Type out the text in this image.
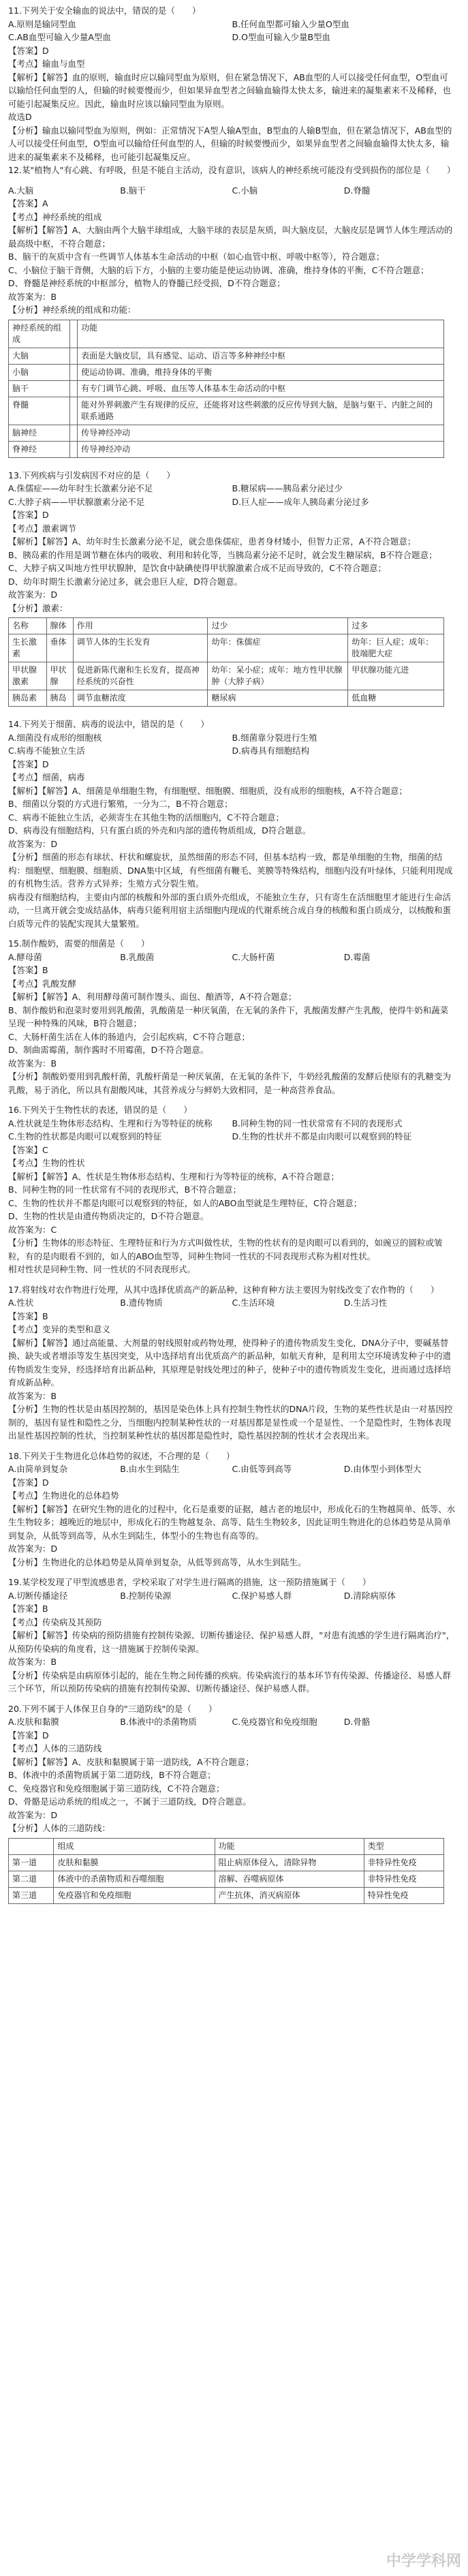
11.下列关于安全输血的说法中，错误的是（　　）
A.原则是输同型血	B.任何血型都可输入少量O型血
C.AB血型可输入少量A型血	D.O型血可输入少量B型血
【答案】D
【考点】输血与血型
【解析】【解答】血的原则，输血时应以输同型血为原则，但在紧急情况下，AB血型的人可以接受任何血型，O型血可以输给任何血型的人，但输的时候要慢而少，但如果异血型者之间输血输得太快太多，输进来的凝集素来不及稀释，也可能引起凝集反应。因此，输血时应该以输同型血为原则。
故选D
【分析】输血以输同型血为原则，例如：正常情况下A型人输A型血，B型血的人输B型血，但在紧急情况下，AB血型的人可以接受任何血型，O型血可以输给任何血型的人，但输的时候要慢而少，如果异血型者之间输血输得太快太多，输进来的凝集素来不及稀释，也可能引起凝集反应。
12.某"植物人"有心跳、有呼吸，但是不能自主活动，没有意识，该病人的神经系统可能没有受到损伤的部位是（　　）
A.大脑	B.脑干	C.小脑	D.脊髓
【答案】A
【考点】神经系统的组成
【解析】【解答】A、大脑由两个大脑半球组成，大脑半球的表层是灰质，叫大脑皮层，大脑皮层是调节人体生理活动的最高级中枢，不符合题意；
B、脑干的灰质中含有一些调节人体基本生命活动的中枢（如心血管中枢、呼吸中枢等），符合题意；
C、小脑位于脑干背侧，大脑的后下方，小脑的主要功能是使运动协调、准确，维持身体的平衡，C不符合题意；
D、脊髓是神经系统的中枢部分，植物人的脊髓已经受损，D不符合题意；
故答案为：B
【分析】神经系统的组成和功能：
神经系统的组成		功能
大脑		表面是大脑皮层，具有感觉、运动、语言等多种神经中枢
小脑		使运动协调、准确，维持身体的平衡
脑干		有专门调节心跳、呼吸、血压等人体基本生命活动的中枢
脊髓		能对外界刺激产生有规律的反应，还能将对这些刺激的反应传导到大脑，是脑与躯干、内脏之间的联系通路
脑神经		传导神经冲动
脊神经		传导神经冲动
13.下列疾病与引发病因不对应的是（　　）
A.侏儒症——幼年时生长激素分泌不足	B.糖尿病——胰岛素分泌过少
C.大脖子病——甲状腺激素分泌不足	D.巨人症——成年人胰岛素分泌过多
【答案】D
【考点】激素调节
【解析】【解答】A、幼年时生长激素分泌不足，就会患侏儒症，患者身材矮小，但智力正常，A不符合题意；
B、胰岛素的作用是调节糖在体内的吸收、利用和转化等，当胰岛素分泌不足时，就会发生糖尿病，B不符合题意；
C、大脖子病又叫地方性甲状腺肿，是饮食中缺碘使得甲状腺激素合成不足而导致的，C不符合题意；
D、幼年时期生长激素分泌过多，就会患巨人症，D符合题意。
故答案为：D
【分析】激素：
名称	腺体	作用	过少	过多
生长激素	垂体	调节人体的生长发育	幼年：侏儒症	幼年：巨人症；成年：肢端肥大症
甲状腺激素	甲状腺	促进新陈代谢和生长发育，提高神经系统的兴奋性	幼年：呆小症；成年：地方性甲状腺肿（大脖子病）	甲状腺功能亢进
胰岛素	胰岛	调节血糖浓度	糖尿病	低血糖
14.下列关于细菌、病毒的说法中，错误的是（　　）
A.细菌没有成形的细胞核	B.细菌靠分裂进行生殖
C.病毒不能独立生活	D.病毒具有细胞结构
【答案】D
【考点】细菌，病毒
【解析】【解答】A、细菌是单细胞生物，有细胞壁、细胞膜、细胞质，没有成形的细胞核，A不符合题意；
B、细菌以分裂的方式进行繁殖，一分为二，B不符合题意；
C、病毒不能独立生活，必须寄生在其他生物的活细胞内，C不符合题意；
D、病毒没有细胞结构，只有蛋白质的外壳和内部的遗传物质组成，D符合题意。
故答案为：D
【分析】细菌的形态有球状、杆状和螺旋状，虽然细菌的形态不同，但基本结构一致，都是单细胞的生物，细菌的结构：细胞壁、细胞膜、细胞质、DNA集中区域，有些细菌有鞭毛、荚膜等特殊结构，细胞内没有叶绿体，只能利用现成的有机物生活。营养方式异养；生殖方式分裂生殖。
病毒没有细胞结构，主要由内部的核酸和外部的蛋白质外壳组成，不能独立生存，只有寄生在活细胞里才能进行生命活动，一旦离开就会变成结晶体，病毒只能利用宿主活细胞内现成的代谢系统合成自身的核酸和蛋白质成分，以核酸和蛋白质等元件的装配实现其大量繁殖。
15.制作酸奶，需要的细菌是（　　）
A.酵母菌	B.乳酸菌	C.大肠杆菌	D.霉菌
【答案】B
【考点】乳酸发酵
【解析】【解答】A、利用酵母菌可制作馒头、面包、酿酒等，A不符合题意；
B、制作酸奶和泡菜时要用到乳酸菌，乳酸菌是一种厌氧菌，在无氧的条件下，乳酸菌发酵产生乳酸，使得牛奶和蔬菜呈现一种特殊的风味，B符合题意；
C、大肠杆菌生活在人体的肠道内，会引起疾病，C不符合题意；
D、制曲需霉菌，制作酱时不用霉菌，D不符合题意。
故答案为：B
【分析】制酸奶要用到乳酸杆菌，乳酸杆菌是一种厌氧菌，在无氧的条件下，牛奶经乳酸菌的发酵后使原有的乳糖变为乳酸，易于消化，所以具有甜酸风味，其营养成分与鲜奶大致相同，是一种高营养食品。
16.下列关于生物性状的表述，错误的是（　　）
A.性状就是生物体形态结构、生理和行为等特征的统称	B.同种生物的同一性状常常有不同的表现形式
C.生物的性状都是肉眼可以观察到的特征	D.生物的性状并不都是由肉眼可以观察到的特征
【答案】C
【考点】生物的性状
【解析】【解答】A、性状是生物体形态结构、生理和行为等特征的统称，A不符合题意；
B、同种生物的同一性状常有不同的表现形式，B不符合题意；
C、生物的性状并不都是肉眼可以观察到的特征，如人的ABO血型就是生理特征，C符合题意；
D、生物的性状是由遗传物质决定的，D不符合题意。
故答案为：C
【分析】生物体的形态特征、生理特征和行为方式叫做性状，生物的性状有的是肉眼可以看到的，如豌豆的圆粒或皱粒，有的是肉眼看不到的，如人的ABO血型等，同种生物同一性状的不同表现形式称为相对性状。
相对性状是同种生物、同一性状的不同表现形式。
17.将射线对农作物进行处理，从其中选择优质高产的新品种，这种育种方法主要因为射线改变了农作物的（　　）
A.性状	B.遗传物质	C.生活环境	D.生活习性
【答案】B
【考点】变异的类型和意义
【解析】【解答】通过高能量、大剂量的射线照射或药物处理，使得种子的遗传物质发生变化，DNA分子中，要碱基替换、缺失或者增添等发生基因突变，从中选择培育出优质高产的新品种，如航天育种，是利用太空环境诱发种子中的遗传物质发生变异，经选择培育出新品种，其原理是射线处理过的种子，使种子中的遗传物质发生变化，进而通过选择培育成新品种。
故答案为：B
【分析】生物的性状是由基因控制的，基因是染色体上具有控制生物性状的DNA片段，生物的某些性状是由一对基因控制的，基因有显性和隐性之分，当细胞内控制某种性状的一对基因都是显性或一个是显性、一个是隐性时，生物体表现出显性基因控制的性状，当控制某种性状的基因都是隐性时，隐性基因控制的性状才会表现出来。
18.下列关于生物进化总体趋势的叙述，不合理的是（　　）
A.由简单到复杂	B.由水生到陆生	C.由低等到高等	D.由体型小到体型大
【答案】D
【考点】生物进化的总体趋势
【解析】【解答】在研究生物的进化的过程中，化石是重要的证据，越古老的地层中，形成化石的生物越简单、低等、水生生物较多；越晚近的地层中，形成化石的生物越复杂、高等、陆生生物较多，因此证明生物进化的总体趋势是从简单到复杂，从低等到高等，从水生到陆生，体型小的生物也有高等的。
故答案为：D
【分析】生物进化的总体趋势是从简单到复杂，从低等到高等，从水生到陆生。
19.某学校发现了甲型流感患者，学校采取了对学生进行隔离的措施，这一预防措施属于（　　）
A.切断传播途径	B.控制传染源	C.保护易感人群	D.清除病原体
【答案】B
【考点】传染病及其预防
【解析】【解答】传染病的预防措施有控制传染源、切断传播途径、保护易感人群，"对患有流感的学生进行隔离治疗"，从预防传染病的角度看，这一措施属于控制传染源。
故答案为：B
【分析】传染病是由病原体引起的，能在生物之间传播的疾病。传染病流行的基本环节有传染源、传播途径、易感人群三个环节，所以预防传染病的措施有控制传染源、切断传播途径、保护易感人群。
20.下列不属于人体保卫自身的"三道防线"的是（　　）
A.皮肤和黏膜	B.体液中的杀菌物质	C.免疫器官和免疫细胞	D.骨骼
【答案】D
【考点】人体的三道防线
【解析】【解答】A、皮肤和黏膜属于第一道防线，A不符合题意；
B、体液中的杀菌物质属于第二道防线，B不符合题意；
C、免疫器官和免疫细胞属于第三道防线，C不符合题意；
D、骨骼是运动系统的组成之一，不属于三道防线，D符合题意。
故答案为：D
【分析】人体的三道防线：
	组成	功能	类型
第一道	皮肤和黏膜	阻止病原体侵入，清除异物	非特异性免疫
第二道	体液中的杀菌物质和吞噬细胞	溶解、吞噬病原体	非特异性免疫
第三道	免疫器官和免疫细胞	产生抗体，消灭病原体	特异性免疫
中学学科网
